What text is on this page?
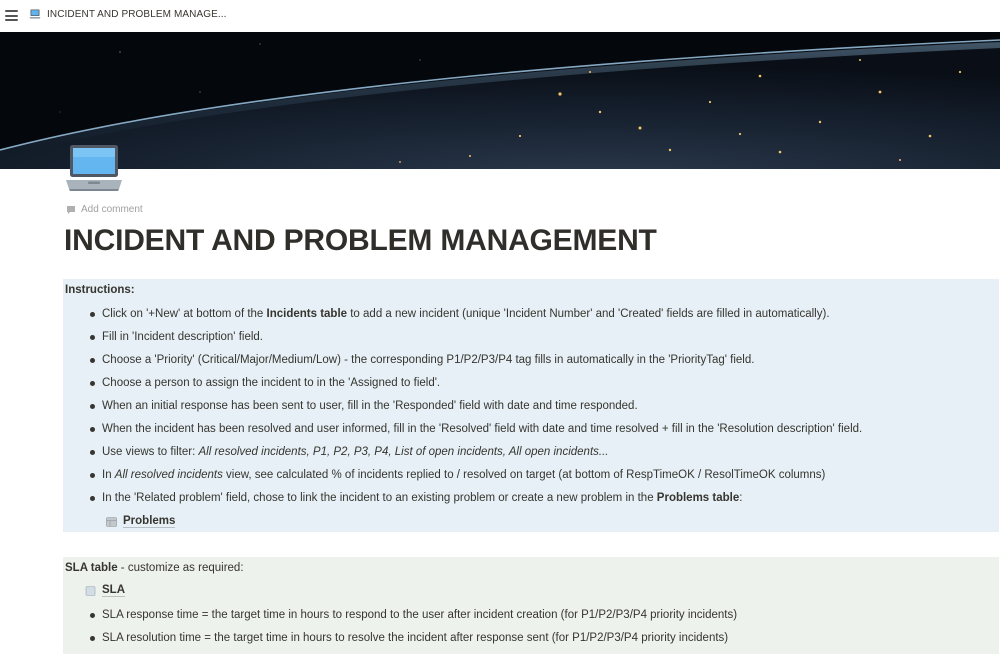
INCIDENT AND PROBLEM MANAGE...
Add comment
INCIDENT AND PROBLEM MANAGEMENT
Instructions:
Click on '+New' at bottom of the Incidents table to add a new incident (unique 'Incident Number' and 'Created' fields are filled in automatically).
Fill in 'Incident description' field.
Choose a 'Priority' (Critical/Major/Medium/Low) - the corresponding P1/P2/P3/P4 tag fills in automatically in the 'PriorityTag' field.
Choose a person to assign the incident to in the 'Assigned to field'.
When an initial response has been sent to user, fill in the 'Responded' field with date and time responded.
When the incident has been resolved and user informed, fill in the 'Resolved' field with date and time resolved + fill in the 'Resolution description' field.
Use views to filter: All resolved incidents, P1, P2, P3, P4, List of open incidents, All open incidents...
In All resolved incidents view, see calculated % of incidents replied to / resolved on target (at bottom of RespTimeOK / ResolTimeOK columns)
In the 'Related problem' field, chose to link the incident to an existing problem or create a new problem in the Problems table:
Problems
SLA table - customize as required:
SLA
SLA response time = the target time in hours to respond to the user after incident creation (for P1/P2/P3/P4 priority incidents)
SLA resolution time = the target time in hours to resolve the incident after response sent (for P1/P2/P3/P4 priority incidents)
